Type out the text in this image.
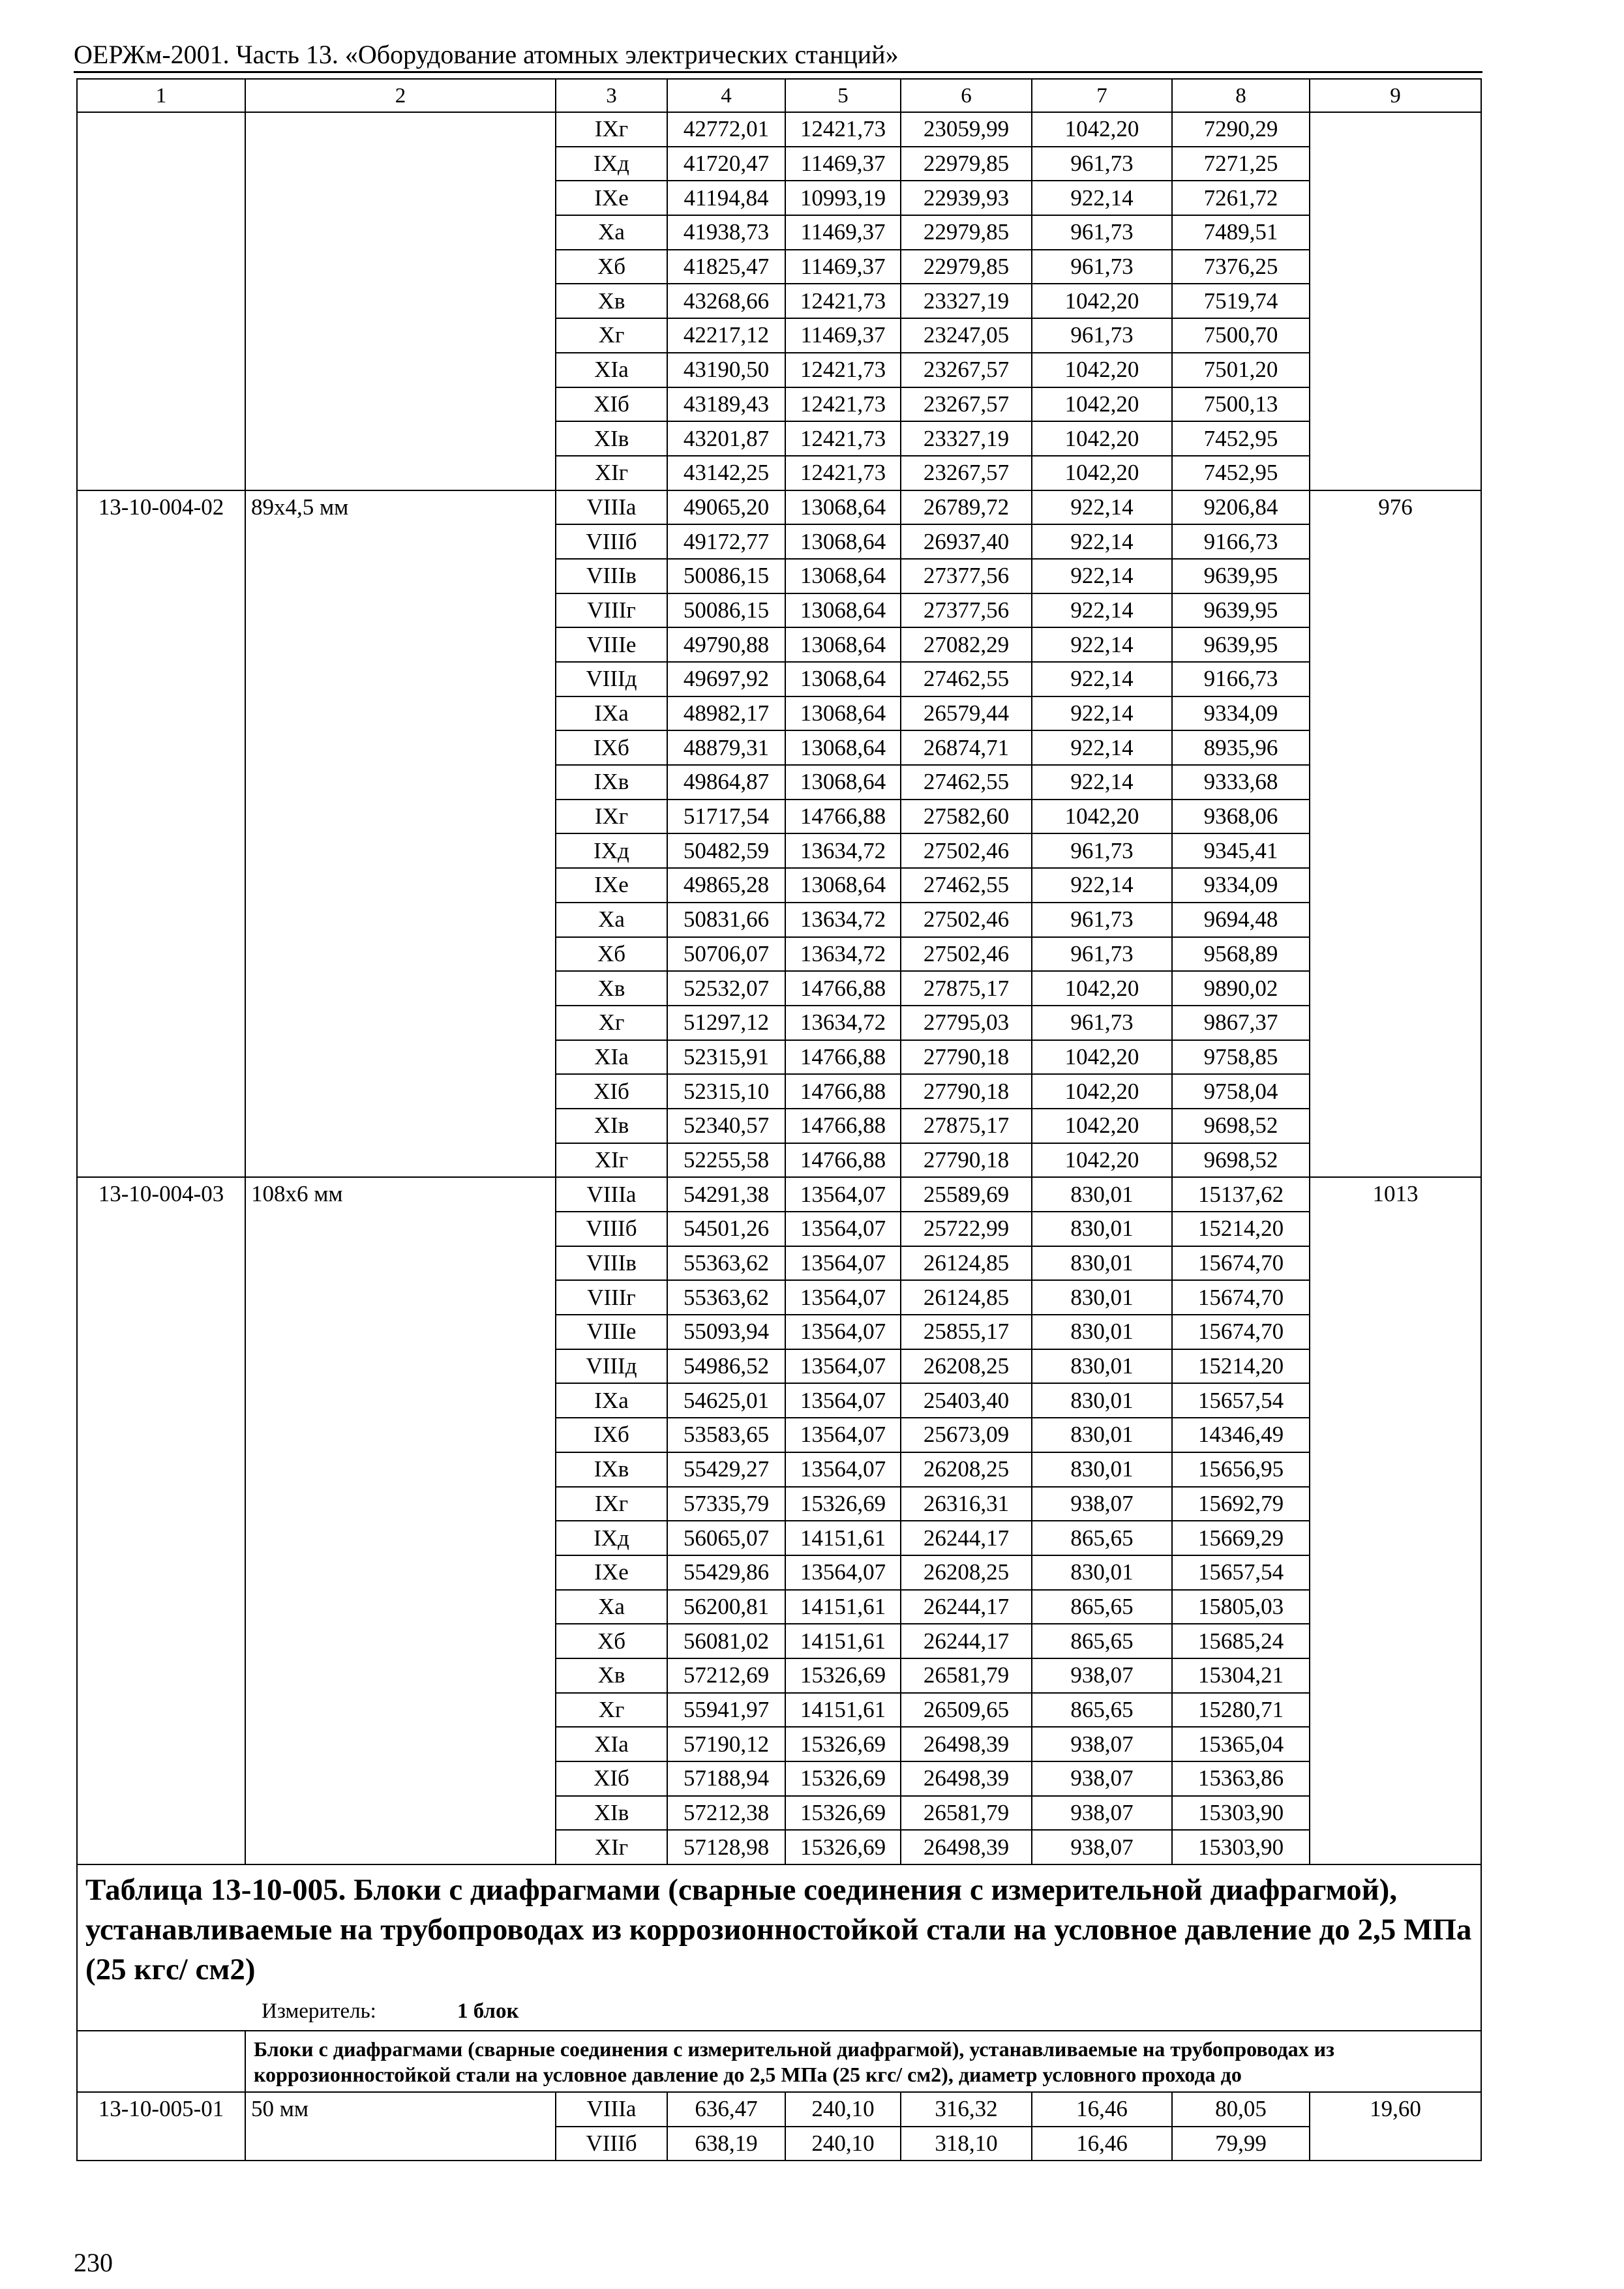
ОЕРЖм-2001. Часть 13. «Оборудование атомных электрических станций»
1	2	3	4	5	6	7	8	9
		IXг	42772,01	12421,73	23059,99	1042,20	7290,29	
		IXд	41720,47	11469,37	22979,85	961,73	7271,25	
		IXе	41194,84	10993,19	22939,93	922,14	7261,72	
		Xа	41938,73	11469,37	22979,85	961,73	7489,51	
		Xб	41825,47	11469,37	22979,85	961,73	7376,25	
		Xв	43268,66	12421,73	23327,19	1042,20	7519,74	
		Xг	42217,12	11469,37	23247,05	961,73	7500,70	
		XIа	43190,50	12421,73	23267,57	1042,20	7501,20	
		XIб	43189,43	12421,73	23267,57	1042,20	7500,13	
		XIв	43201,87	12421,73	23327,19	1042,20	7452,95	
		XIг	43142,25	12421,73	23267,57	1042,20	7452,95	
13-10-004-02	89х4,5 мм	VIIIа	49065,20	13068,64	26789,72	922,14	9206,84	976
		VIIIб	49172,77	13068,64	26937,40	922,14	9166,73	
		VIIIв	50086,15	13068,64	27377,56	922,14	9639,95	
		VIIIг	50086,15	13068,64	27377,56	922,14	9639,95	
		VIIIе	49790,88	13068,64	27082,29	922,14	9639,95	
		VIIIд	49697,92	13068,64	27462,55	922,14	9166,73	
		IXа	48982,17	13068,64	26579,44	922,14	9334,09	
		IXб	48879,31	13068,64	26874,71	922,14	8935,96	
		IXв	49864,87	13068,64	27462,55	922,14	9333,68	
		IXг	51717,54	14766,88	27582,60	1042,20	9368,06	
		IXд	50482,59	13634,72	27502,46	961,73	9345,41	
		IXе	49865,28	13068,64	27462,55	922,14	9334,09	
		Xа	50831,66	13634,72	27502,46	961,73	9694,48	
		Xб	50706,07	13634,72	27502,46	961,73	9568,89	
		Xв	52532,07	14766,88	27875,17	1042,20	9890,02	
		Xг	51297,12	13634,72	27795,03	961,73	9867,37	
		XIа	52315,91	14766,88	27790,18	1042,20	9758,85	
		XIб	52315,10	14766,88	27790,18	1042,20	9758,04	
		XIв	52340,57	14766,88	27875,17	1042,20	9698,52	
		XIг	52255,58	14766,88	27790,18	1042,20	9698,52	
13-10-004-03	108х6 мм	VIIIа	54291,38	13564,07	25589,69	830,01	15137,62	1013
		VIIIб	54501,26	13564,07	25722,99	830,01	15214,20	
		VIIIв	55363,62	13564,07	26124,85	830,01	15674,70	
		VIIIг	55363,62	13564,07	26124,85	830,01	15674,70	
		VIIIе	55093,94	13564,07	25855,17	830,01	15674,70	
		VIIIд	54986,52	13564,07	26208,25	830,01	15214,20	
		IXа	54625,01	13564,07	25403,40	830,01	15657,54	
		IXб	53583,65	13564,07	25673,09	830,01	14346,49	
		IXв	55429,27	13564,07	26208,25	830,01	15656,95	
		IXг	57335,79	15326,69	26316,31	938,07	15692,79	
		IXд	56065,07	14151,61	26244,17	865,65	15669,29	
		IXе	55429,86	13564,07	26208,25	830,01	15657,54	
		Xа	56200,81	14151,61	26244,17	865,65	15805,03	
		Xб	56081,02	14151,61	26244,17	865,65	15685,24	
		Xв	57212,69	15326,69	26581,79	938,07	15304,21	
		Xг	55941,97	14151,61	26509,65	865,65	15280,71	
		XIа	57190,12	15326,69	26498,39	938,07	15365,04	
		XIб	57188,94	15326,69	26498,39	938,07	15363,86	
		XIв	57212,38	15326,69	26581,79	938,07	15303,90	
		XIг	57128,98	15326,69	26498,39	938,07	15303,90	

Таблица 13-10-005. Блоки с диафрагмами (сварные соединения с измерительной диафрагмой), устанавливаемые на трубопроводах из коррозионностойкой стали на условное давление до 2,5 МПа (25 кгс/ см2)
Измеритель: 1 блок								

	Блоки с диафрагмами (сварные соединения с измерительной диафрагмой), устанавливаемые на трубопроводах из коррозионностойкой стали на условное давление до 2,5 МПа (25 кгс/ см2), диаметр условного прохода до							
13-10-005-01	50 мм	VIIIа	636,47	240,10	316,32	16,46	80,05	19,60
		VIIIб	638,19	240,10	318,10	16,46	79,99	
230
